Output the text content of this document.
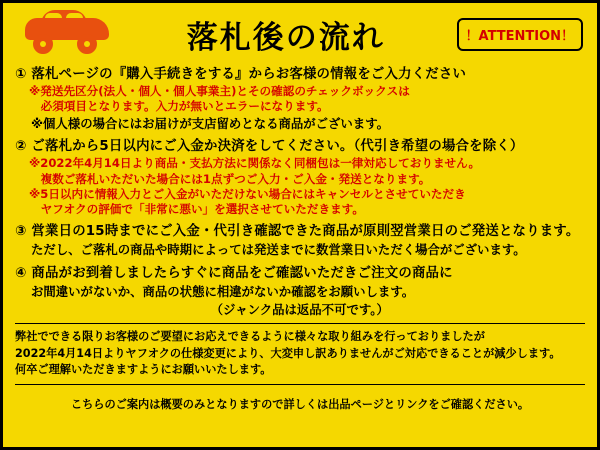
落札後の流れ	！ATTENTION！
① 落札ページの『購入手続きをする』からお客様の情報をご入力ください
※発送先区分(法人・個人・個人事業主)とその確認のチェックボックスは
　必須項目となります。入力が無いとエラーになります。
※個人様の場合にはお届けが支店留めとなる商品がございます。
② ご落札から5日以内にご入金か決済をしてください。（代引き希望の場合を除く）
※2022年4月14日より商品・支払方法に関係なく同梱包は一律対応しておりません。
　複数ご落札いただいた場合には1点ずつご入力・ご入金・発送となります。
※5日以内に情報入力とご入金がいただけない場合にはキャンセルとさせていただき
　ヤフオクの評価で「非常に悪い」を選択させていただきます。
③ 営業日の15時までにご入金・代引き確認できた商品が原則翌営業日のご発送となります。
ただし、ご落札の商品や時期によっては発送までに数営業日いただく場合がございます。
④ 商品がお到着しましたらすぐに商品をご確認いただきご注文の商品に
お間違いがないか、商品の状態に相違がないか確認をお願いします。
　　　　　　　　　　　　　　　（ジャンク品は返品不可です。）
弊社でできる限りお客様のご要望にお応えできるように様々な取り組みを行っておりましたが
2022年4月14日よりヤフオクの仕様変更により、大変申し訳ありませんがご対応できることが減少します。
何卒ご理解いただきますようにお願いいたします。
こちらのご案内は概要のみとなりますので詳しくは出品ページとリンクをご確認ください。
